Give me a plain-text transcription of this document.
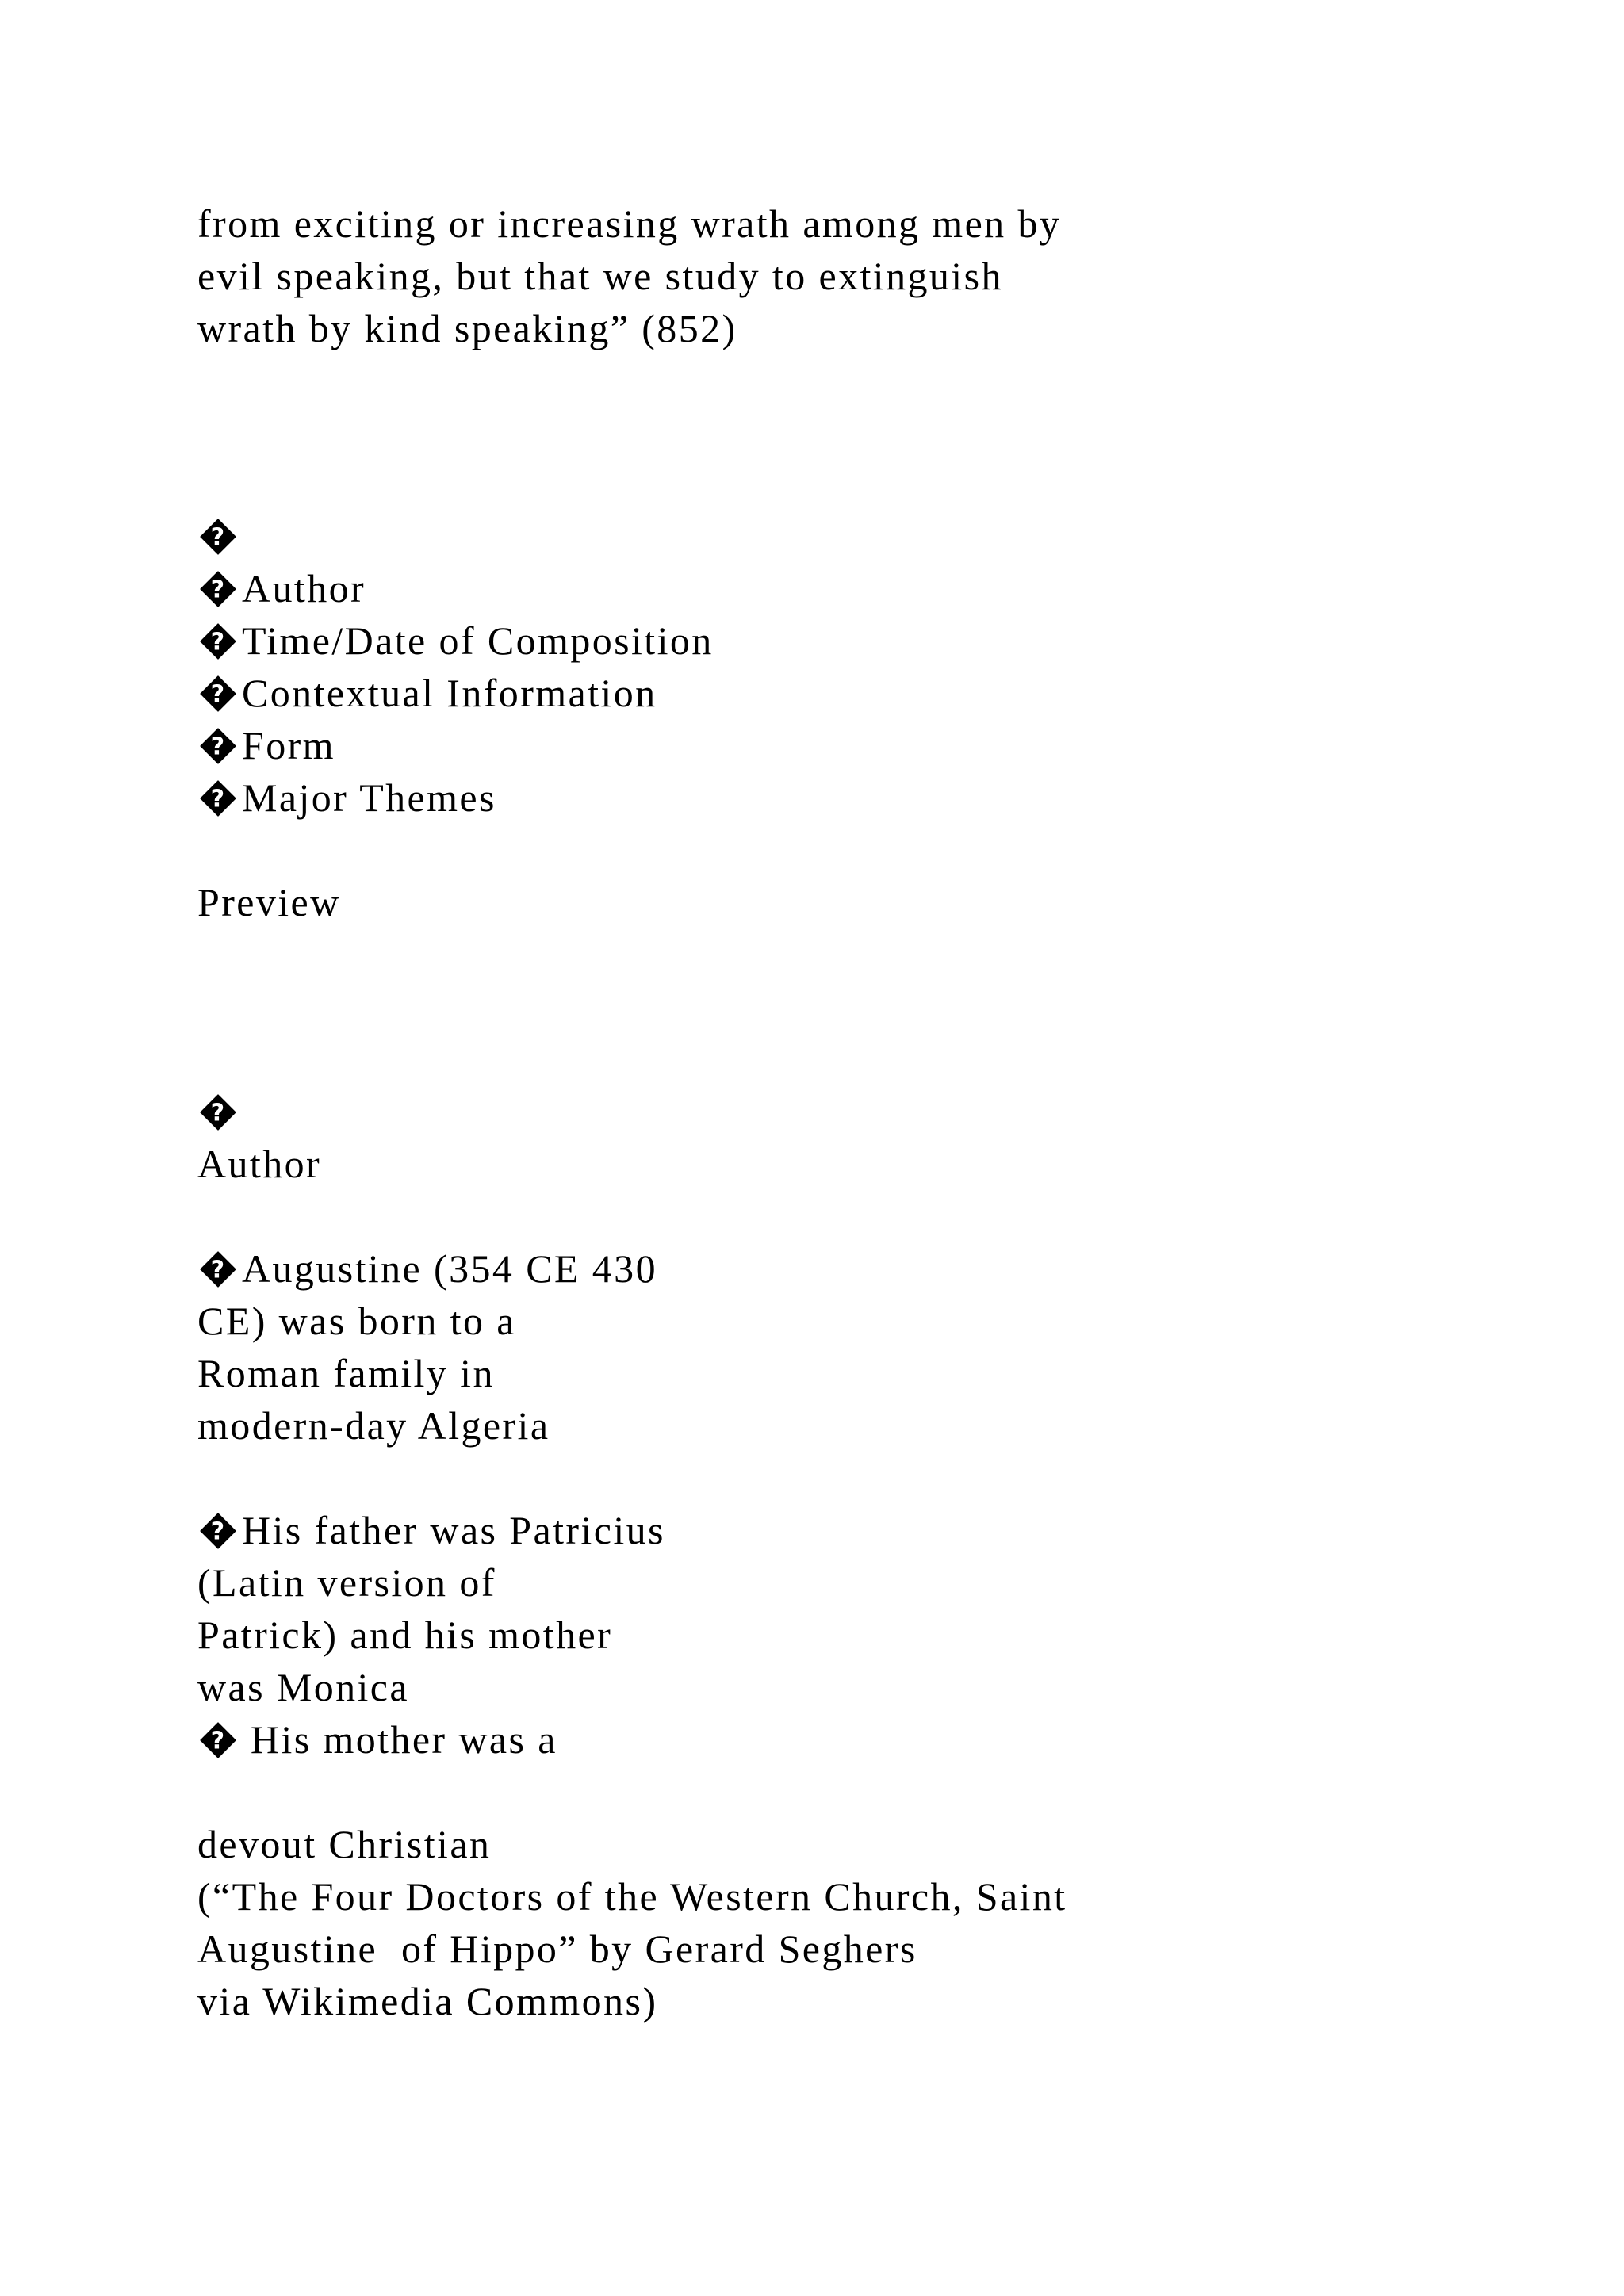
from exciting or increasing wrath among men by

evil speaking, but that we study to extinguish

wrath by kind speaking” (852)

?

? Author

? Time/Date of Composition

? Contextual Information

? Form

? Major Themes

Preview

?

Author

? Augustine (354 CE 430

CE) was born to a

Roman family in

modern-day Algeria

? His father was Patricius

(Latin version of

Patrick) and his mother

was Monica

? His mother was a

devout Christian

(“The Four Doctors of the Western Church, Saint

Augustine  of Hippo” by Gerard Seghers

via Wikimedia Commons)
